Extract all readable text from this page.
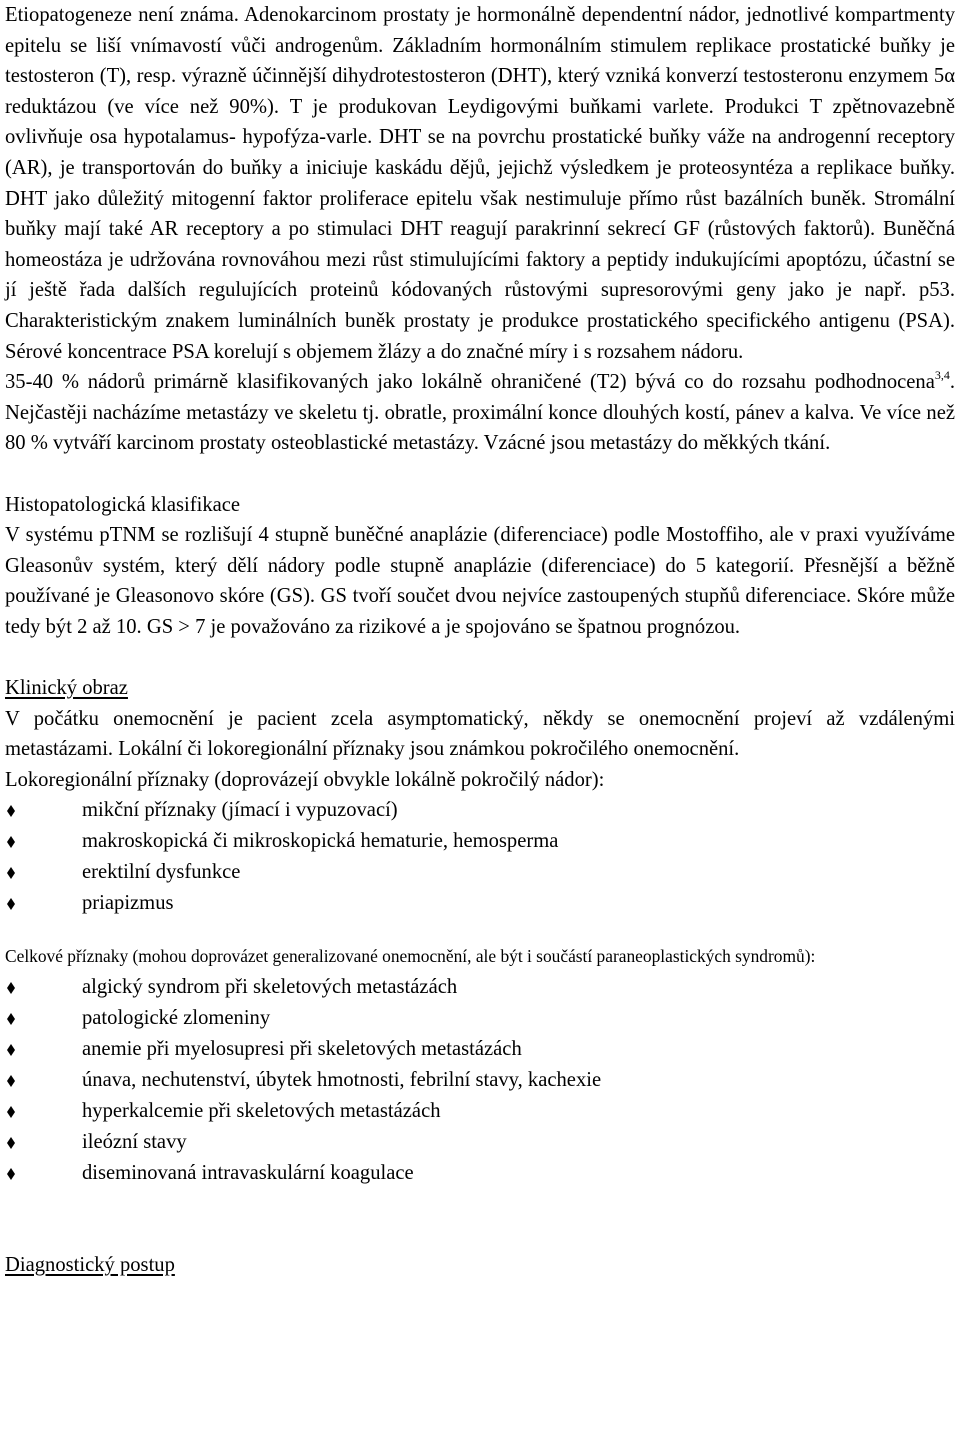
Etiopatogeneze není známa. Adenokarcinom prostaty je hormonálně dependentní nádor, jednotlivé kompartmenty epitelu se liší vnímavostí vůči androgenům. Základním hormonálním stimulem replikace prostatické buňky je testosteron (T), resp. výrazně účinnější dihydrotestosteron (DHT), který vzniká konverzí testosteronu enzymem 5α reduktázou (ve více než 90%). T je produkovan Leydigovými buňkami varlete. Produkci T zpětnovazebně ovlivňuje osa hypotalamus- hypofýza-varle. DHT se na povrchu prostatické buňky váže na androgenní receptory (AR), je transportován do buňky a iniciuje kaskádu dějů, jejichž výsledkem je proteosyntéza a replikace buňky. DHT jako důležitý mitogenní faktor proliferace epitelu však nestimuluje přímo růst bazálních buněk. Stromální buňky mají také AR receptory a po stimulaci DHT reagují parakrinní sekrecí GF (růstových faktorů). Buněčná homeostáza je udržována rovnováhou mezi růst stimulujícími faktory a peptidy indukujícími apoptózu, účastní se jí ještě řada dalších regulujících proteinů kódovaných růstovými supresorovými geny jako je např. p53. Charakteristickým znakem luminálních buněk prostaty je produkce prostatického specifického antigenu (PSA). Sérové koncentrace PSA korelují s objemem žlázy a do značné míry i s rozsahem nádoru.

35-40 % nádorů primárně klasifikovaných jako lokálně ohraničené (T2) bývá co do rozsahu podhodnocena$^{3,4}$. Nejčastěji nacházíme metastázy ve skeletu tj. obratle, proximální konce dlouhých kostí, pánev a kalva. Ve více než 80 % vytváří karcinom prostaty osteoblastické metastázy. Vzácné jsou metastázy do měkkých tkání.

Histopatologická klasifikace

V systému pTNM se rozlišují 4 stupně buněčné anaplázie (diferenciace) podle Mostoffiho, ale v praxi využíváme Gleasonův systém, který dělí nádory podle stupně anaplázie (diferenciace) do 5 kategorií. Přesnější a běžně používané je Gleasonovo skóre (GS). GS tvoří součet dvou nejvíce zastoupených stupňů diferenciace. Skóre může tedy být 2 až 10. GS > 7 je považováno za rizikové a je spojováno se špatnou prognózou.

Klinický obraz

V počátku onemocnění je pacient zcela asymptomatický, někdy se onemocnění projeví až vzdálenými metastázami. Lokální či lokoregionální příznaky jsou známkou pokročilého onemocnění.

Lokoregionální příznaky (doprovázejí obvykle lokálně pokročilý nádor):

mikční příznaky (jímací i vypuzovací)
makroskopická či mikroskopická hematurie, hemosperma
erektilní dysfunkce
priapizmus

Celkové příznaky (mohou doprovázet generalizované onemocnění, ale být i součástí paraneoplastických syndromů):

algický syndrom při skeletových metastázách
patologické zlomeniny
anemie při myelosupresi při skeletových metastázách
únava, nechutenství, úbytek hmotnosti, febrilní stavy, kachexie
hyperkalcemie při skeletových metastázách
ileózní stavy
diseminovaná intravaskulární koagulace

Diagnostický postup
